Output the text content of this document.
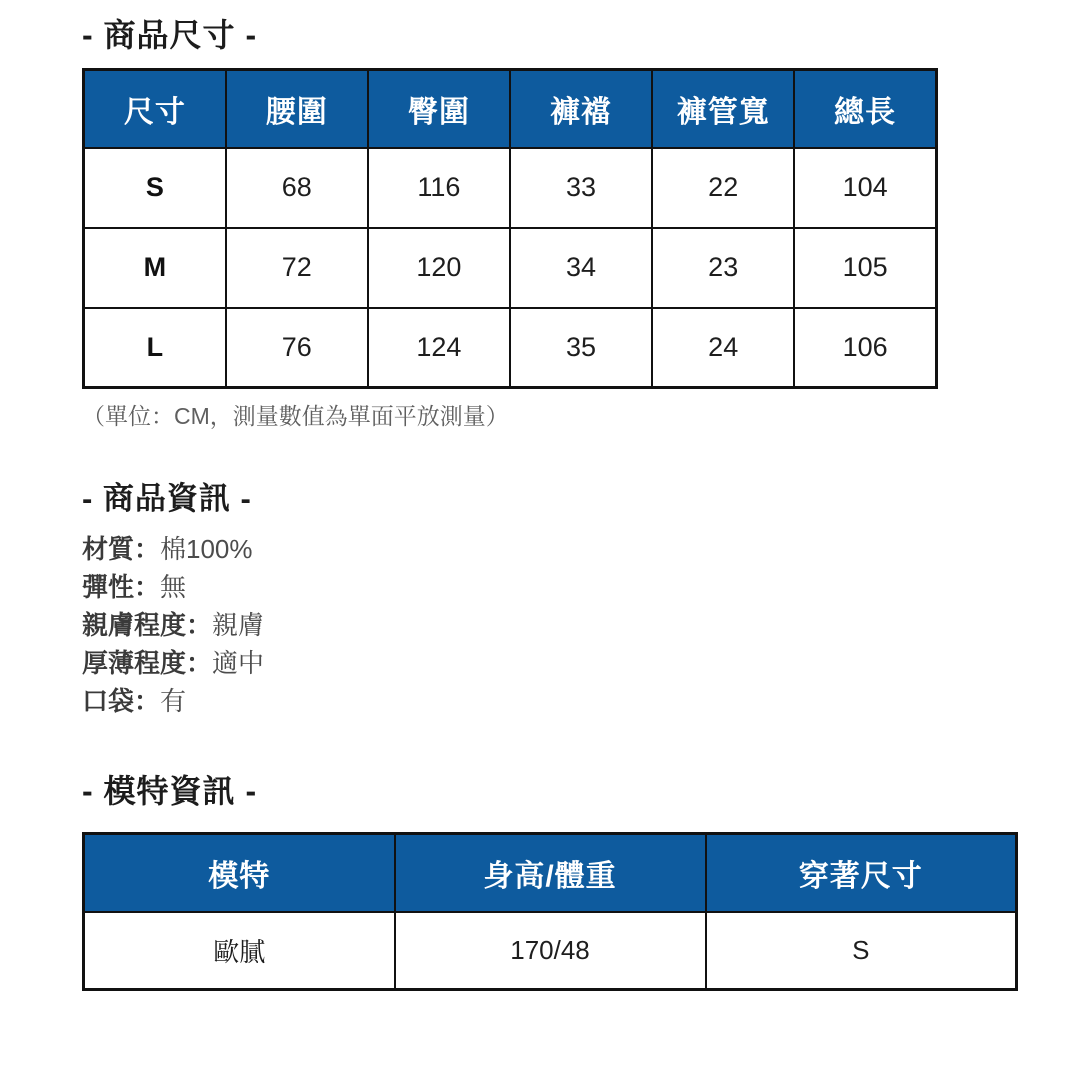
- 商品尺寸 -
尺寸	腰圍	臀圍	褲襠	褲管寬	總長
S	68	116	33	22	104
M	72	120	34	23	105
L	76	124	35	24	106
（單位：CM，測量數值為單面平放測量）
- 商品資訊 -
材質：棉100%
彈性：無
親膚程度：親膚
厚薄程度：適中
口袋：有
- 模特資訊 -
模特	身高/體重	穿著尺寸
歐膩	170/48	S
